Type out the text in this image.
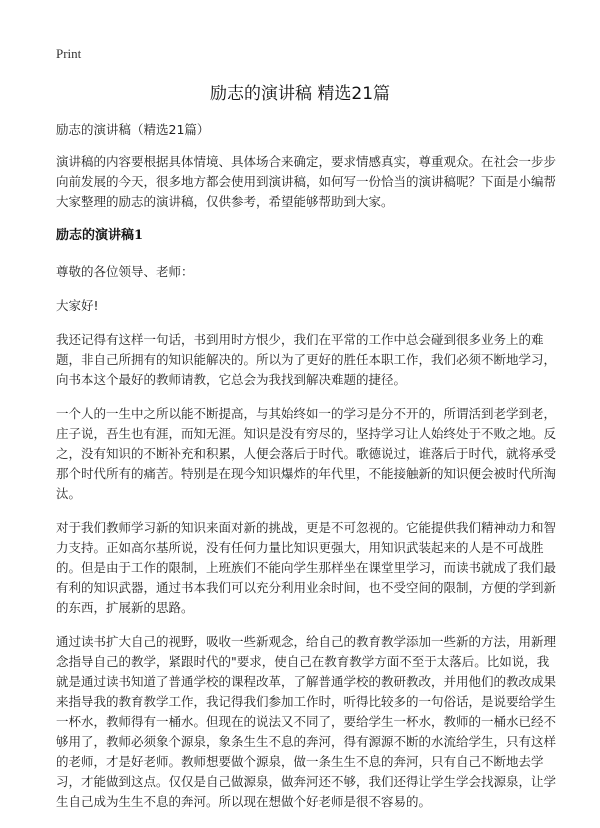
Print
励志的演讲稿 精选21篇

励志的演讲稿（精选21篇）

演讲稿的内容要根据具体情境、具体场合来确定，要求情感真实，尊重观众。在社会一步步向前发展的今天，很多地方都会使用到演讲稿，如何写一份恰当的演讲稿呢？下面是小编帮大家整理的励志的演讲稿，仅供参考，希望能够帮助到大家。

励志的演讲稿1

尊敬的各位领导、老师：

大家好!

我还记得有这样一句话，书到用时方恨少，我们在平常的工作中总会碰到很多业务上的难题，非自己所拥有的知识能解决的。所以为了更好的胜任本职工作，我们必须不断地学习，向书本这个最好的教师请教，它总会为我找到解决难题的捷径。

一个人的一生中之所以能不断提高，与其始终如一的学习是分不开的，所谓活到老学到老，庄子说，吾生也有涯，而知无涯。知识是没有穷尽的，坚持学习让人始终处于不败之地。反之，没有知识的不断补充和积累，人便会落后于时代。歌德说过，谁落后于时代，就将承受那个时代所有的痛苦。特别是在现今知识爆炸的年代里，不能接触新的知识便会被时代所淘汰。

对于我们教师学习新的知识来面对新的挑战，更是不可忽视的。它能提供我们精神动力和智力支持。正如高尔基所说，没有任何力量比知识更强大，用知识武装起来的人是不可战胜的。但是由于工作的限制，上班族们不能向学生那样坐在课堂里学习，而读书就成了我们最有利的知识武器，通过书本我们可以充分利用业余时间，也不受空间的限制，方便的学到新的东西，扩展新的思路。

通过读书扩大自己的视野，吸收一些新观念，给自己的教育教学添加一些新的方法，用新理念指导自己的教学，紧跟时代的"要求，使自己在教育教学方面不至于太落后。比如说，我就是通过读书知道了普通学校的课程改革，了解普通学校的教研教改，并用他们的教改成果来指导我的教育教学工作，我记得我们参加工作时，听得比较多的一句俗话，是说要给学生一杯水，教师得有一桶水。但现在的说法又不同了，要给学生一杯水，教师的一桶水已经不够用了，教师必须象个源泉，象条生生不息的奔河，得有源源不断的水流给学生，只有这样的老师，才是好老师。教师想要做个源泉，做一条生生不息的奔河，只有自己不断地去学习，才能做到这点。仅仅是自己做源泉，做奔河还不够，我们还得让学生学会找源泉，让学生自己成为生生不息的奔河。所以现在想做个好老师是很不容易的。
